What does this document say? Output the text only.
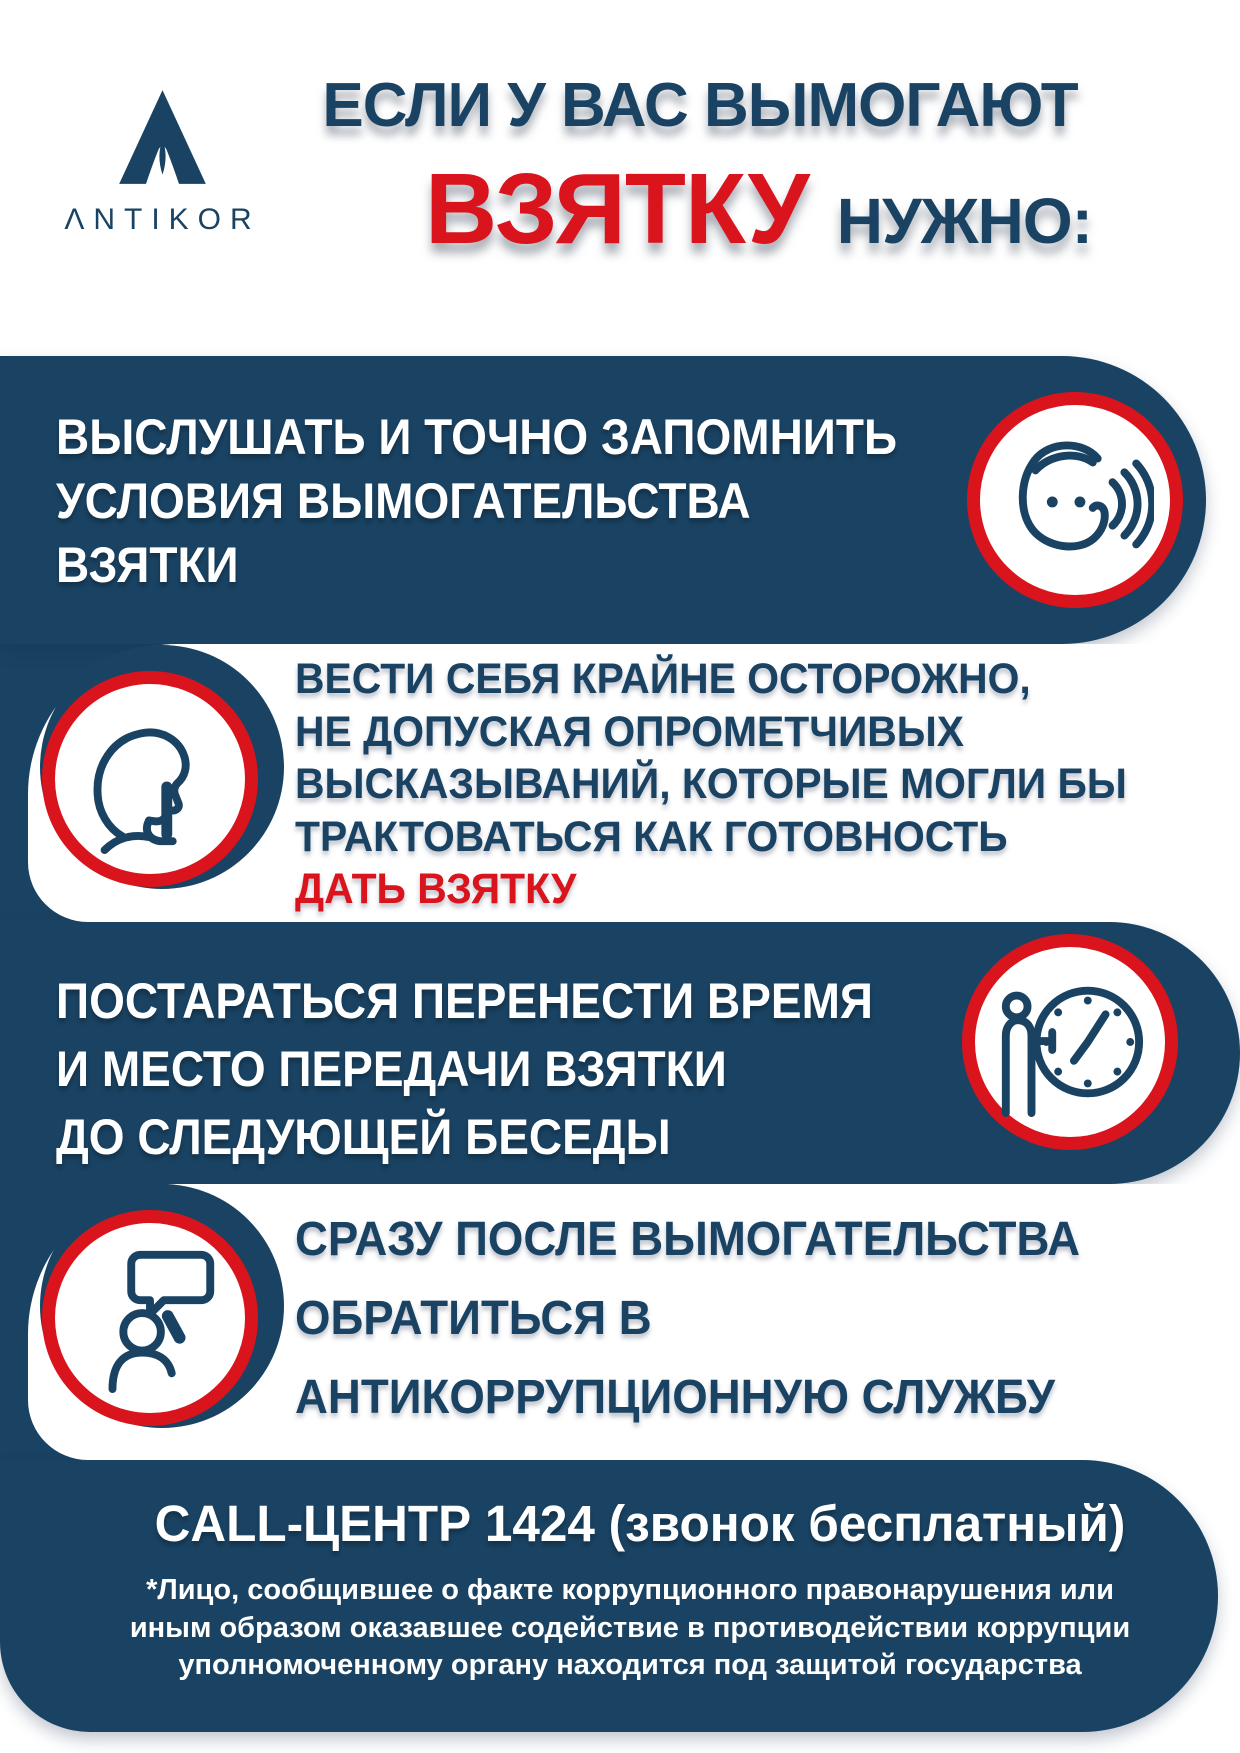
ΛNTIKOR
ЕСЛИ У ВАС ВЫМОГАЮТ
ВЗЯТКУ НУЖНО:
ВЫСЛУШАТЬ И ТОЧНО ЗАПОМНИТЬ
УСЛОВИЯ ВЫМОГАТЕЛЬСТВА
ВЗЯТКИ
ВЕСТИ СЕБЯ КРАЙНЕ ОСТОРОЖНО,
НЕ ДОПУСКАЯ ОПРОМЕТЧИВЫХ
ВЫСКАЗЫВАНИЙ, КОТОРЫЕ МОГЛИ БЫ
ТРАКТОВАТЬСЯ КАК ГОТОВНОСТЬ
ДАТЬ ВЗЯТКУ
ПОСТАРАТЬСЯ ПЕРЕНЕСТИ ВРЕМЯ
И МЕСТО ПЕРЕДАЧИ ВЗЯТКИ
ДО СЛЕДУЮЩЕЙ БЕСЕДЫ
СРАЗУ ПОСЛЕ ВЫМОГАТЕЛЬСТВА
ОБРАТИТЬСЯ В
АНТИКОРРУПЦИОННУЮ СЛУЖБУ
CALL-ЦЕНТР 1424 (звонок бесплатный)
*Лицо, сообщившее о факте коррупционного правонарушения или
иным образом оказавшее содействие в противодействии коррупции
уполномоченному органу находится под защитой государства
